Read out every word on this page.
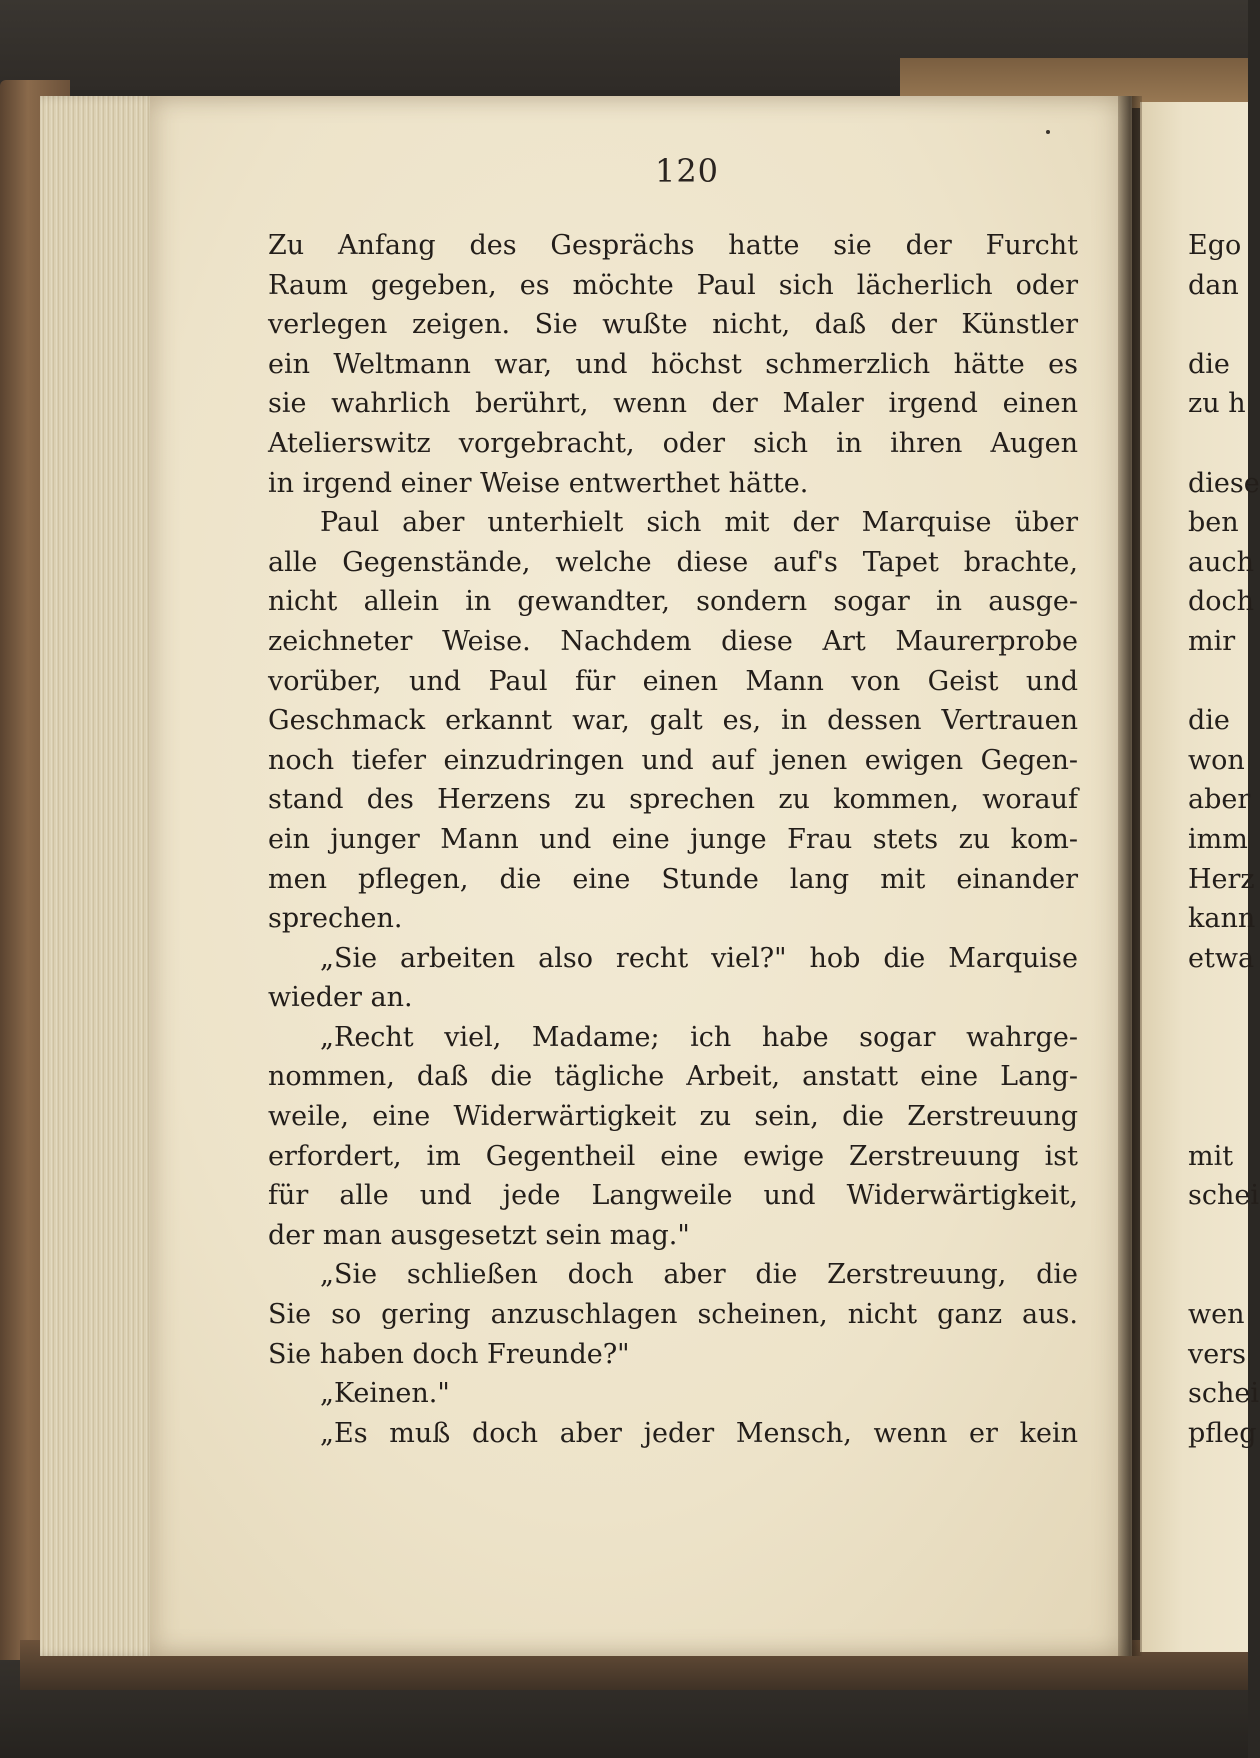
120
Zu Anfang des Gesprächs hatte sie der Furcht
Raum gegeben, es möchte Paul sich lächerlich oder
verlegen zeigen. Sie wußte nicht, daß der Künstler
ein Weltmann war, und höchst schmerzlich hätte es
sie wahrlich berührt, wenn der Maler irgend einen
Atelierswitz vorgebracht, oder sich in ihren Augen
in irgend einer Weise entwerthet hätte.
Paul aber unterhielt sich mit der Marquise über
alle Gegenstände, welche diese auf's Tapet brachte,
nicht allein in gewandter, sondern sogar in ausge-
zeichneter Weise. Nachdem diese Art Maurerprobe
vorüber, und Paul für einen Mann von Geist und
Geschmack erkannt war, galt es, in dessen Vertrauen
noch tiefer einzudringen und auf jenen ewigen Gegen-
stand des Herzens zu sprechen zu kommen, worauf
ein junger Mann und eine junge Frau stets zu kom-
men pflegen, die eine Stunde lang mit einander
sprechen.
„Sie arbeiten also recht viel?" hob die Marquise
wieder an.
„Recht viel, Madame; ich habe sogar wahrge-
nommen, daß die tägliche Arbeit, anstatt eine Lang-
weile, eine Widerwärtigkeit zu sein, die Zerstreuung
erfordert, im Gegentheil eine ewige Zerstreuung ist
für alle und jede Langweile und Widerwärtigkeit,
der man ausgesetzt sein mag."
„Sie schließen doch aber die Zerstreuung, die
Sie so gering anzuschlagen scheinen, nicht ganz aus.
Sie haben doch Freunde?"
„Keinen."
„Es muß doch aber jeder Mensch, wenn er kein
Ego
dan
die
zu h
diese
ben
auch
doch
mir
die
won
aber
imm
Herz
kann
etwa
mit
schei
wen
vers
schei
pfleg
